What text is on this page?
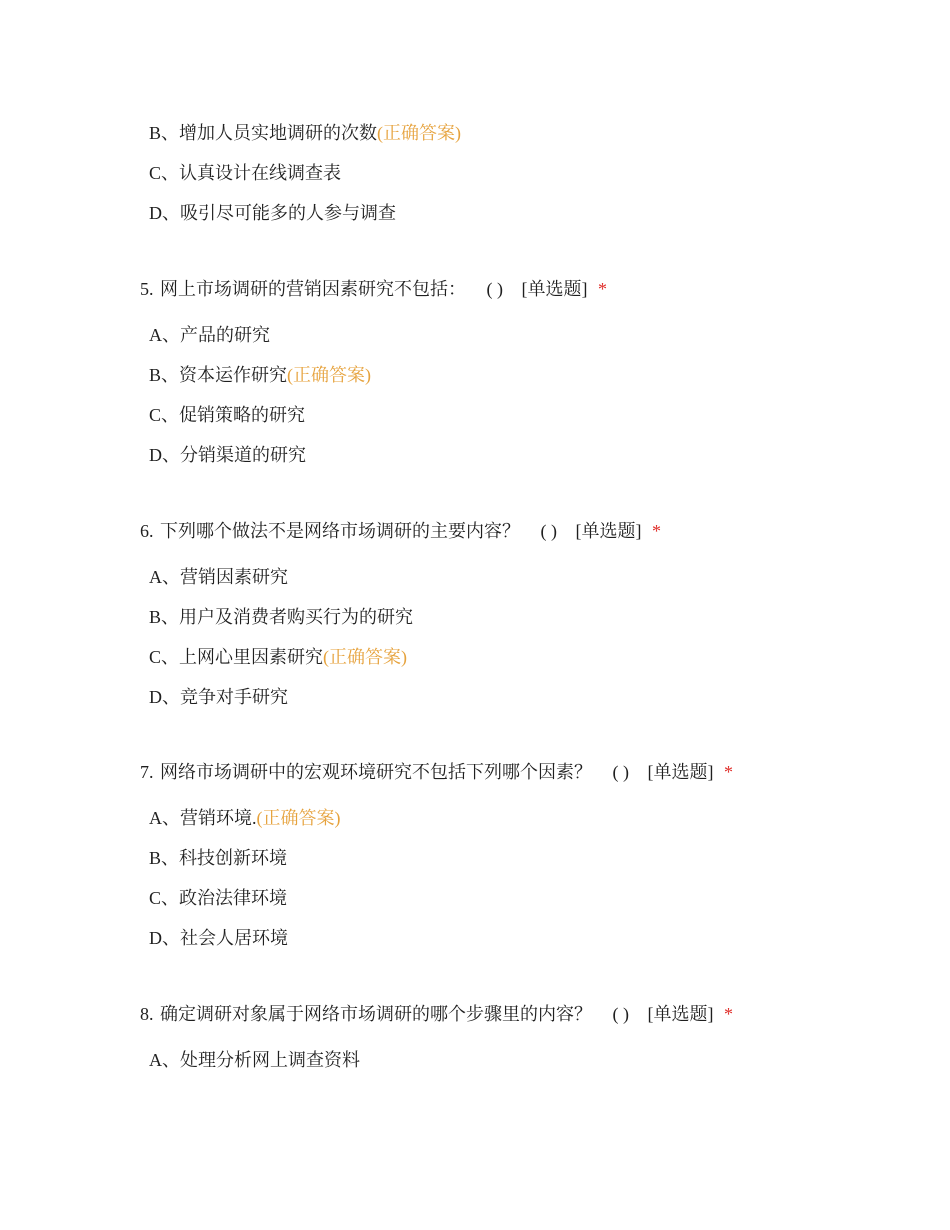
B、增加人员实地调研的次数(正确答案)
C、认真设计在线调查表
D、吸引尽可能多的人参与调查
5. 网上市场调研的营销因素研究不包括： ( ) [单选题] *
A、产品的研究
B、资本运作研究(正确答案)
C、促销策略的研究
D、分销渠道的研究
6. 下列哪个做法不是网络市场调研的主要内容？ ( ) [单选题] *
A、营销因素研究
B、用户及消费者购买行为的研究
C、上网心里因素研究(正确答案)
D、竞争对手研究
7. 网络市场调研中的宏观环境研究不包括下列哪个因素？ ( ) [单选题] *
A、营销环境.(正确答案)
B、科技创新环境
C、政治法律环境
D、社会人居环境
8. 确定调研对象属于网络市场调研的哪个步骤里的内容？ ( ) [单选题] *
A、处理分析网上调查资料
